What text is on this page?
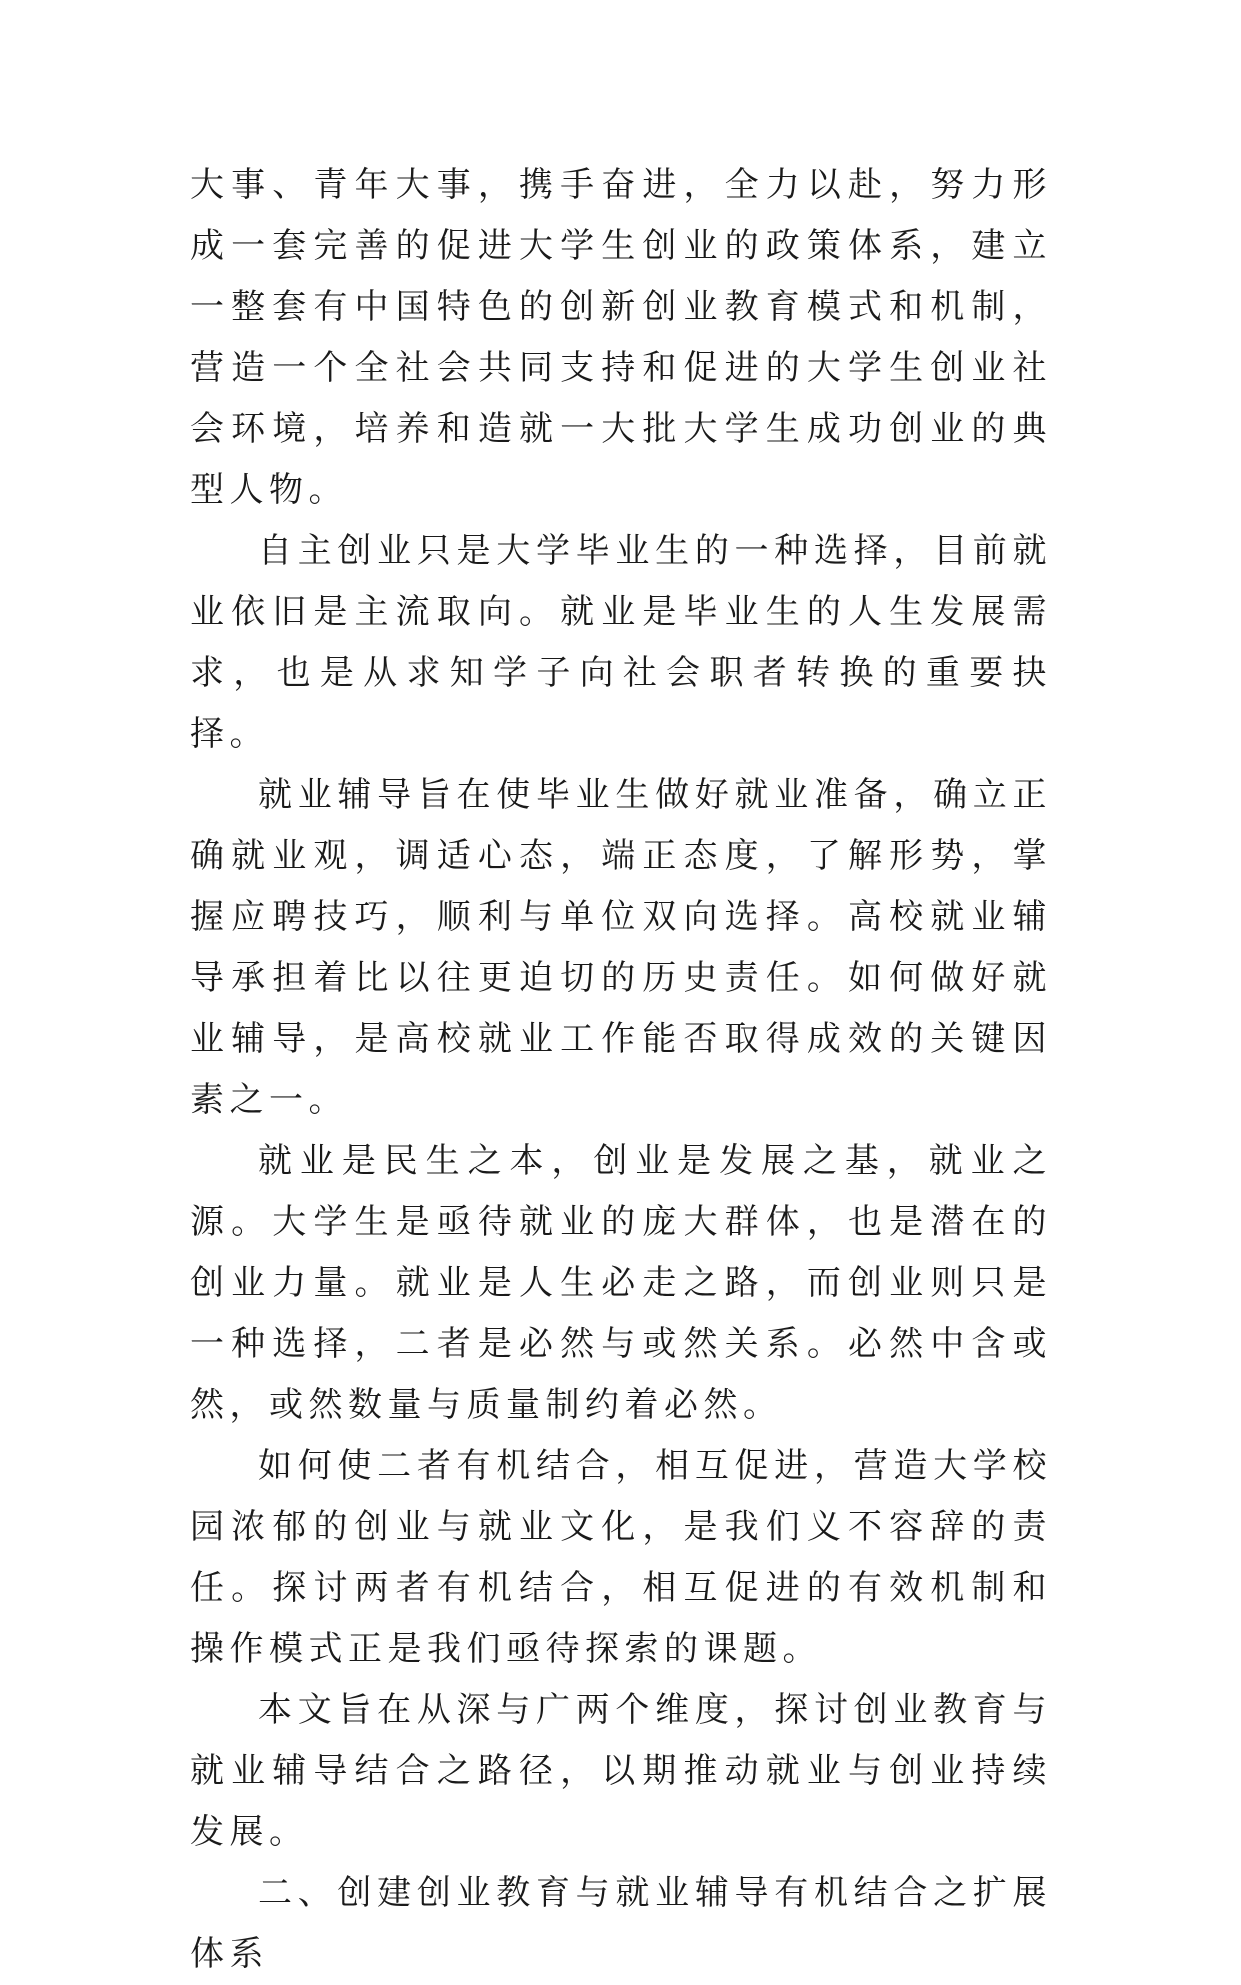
大事、青年大事，携手奋进，全力以赴，努力形成一套完善的促进大学生创业的政策体系，建立一整套有中国特色的创新创业教育模式和机制，营造一个全社会共同支持和促进的大学生创业社会环境，培养和造就一大批大学生成功创业的典型人物。

自主创业只是大学毕业生的一种选择，目前就业依旧是主流取向。就业是毕业生的人生发展需求，也是从求知学子向社会职者转换的重要抉择。

就业辅导旨在使毕业生做好就业准备，确立正确就业观，调适心态，端正态度，了解形势，掌握应聘技巧，顺利与单位双向选择。高校就业辅导承担着比以往更迫切的历史责任。如何做好就业辅导，是高校就业工作能否取得成效的关键因素之一。

就业是民生之本，创业是发展之基，就业之源。大学生是亟待就业的庞大群体，也是潜在的创业力量。就业是人生必走之路，而创业则只是一种选择，二者是必然与或然关系。必然中含或然，或然数量与质量制约着必然。

如何使二者有机结合，相互促进，营造大学校园浓郁的创业与就业文化，是我们义不容辞的责任。探讨两者有机结合，相互促进的有效机制和操作模式正是我们亟待探索的课题。

本文旨在从深与广两个维度，探讨创业教育与就业辅导结合之路径，以期推动就业与创业持续发展。

二、创建创业教育与就业辅导有机结合之扩展体系
